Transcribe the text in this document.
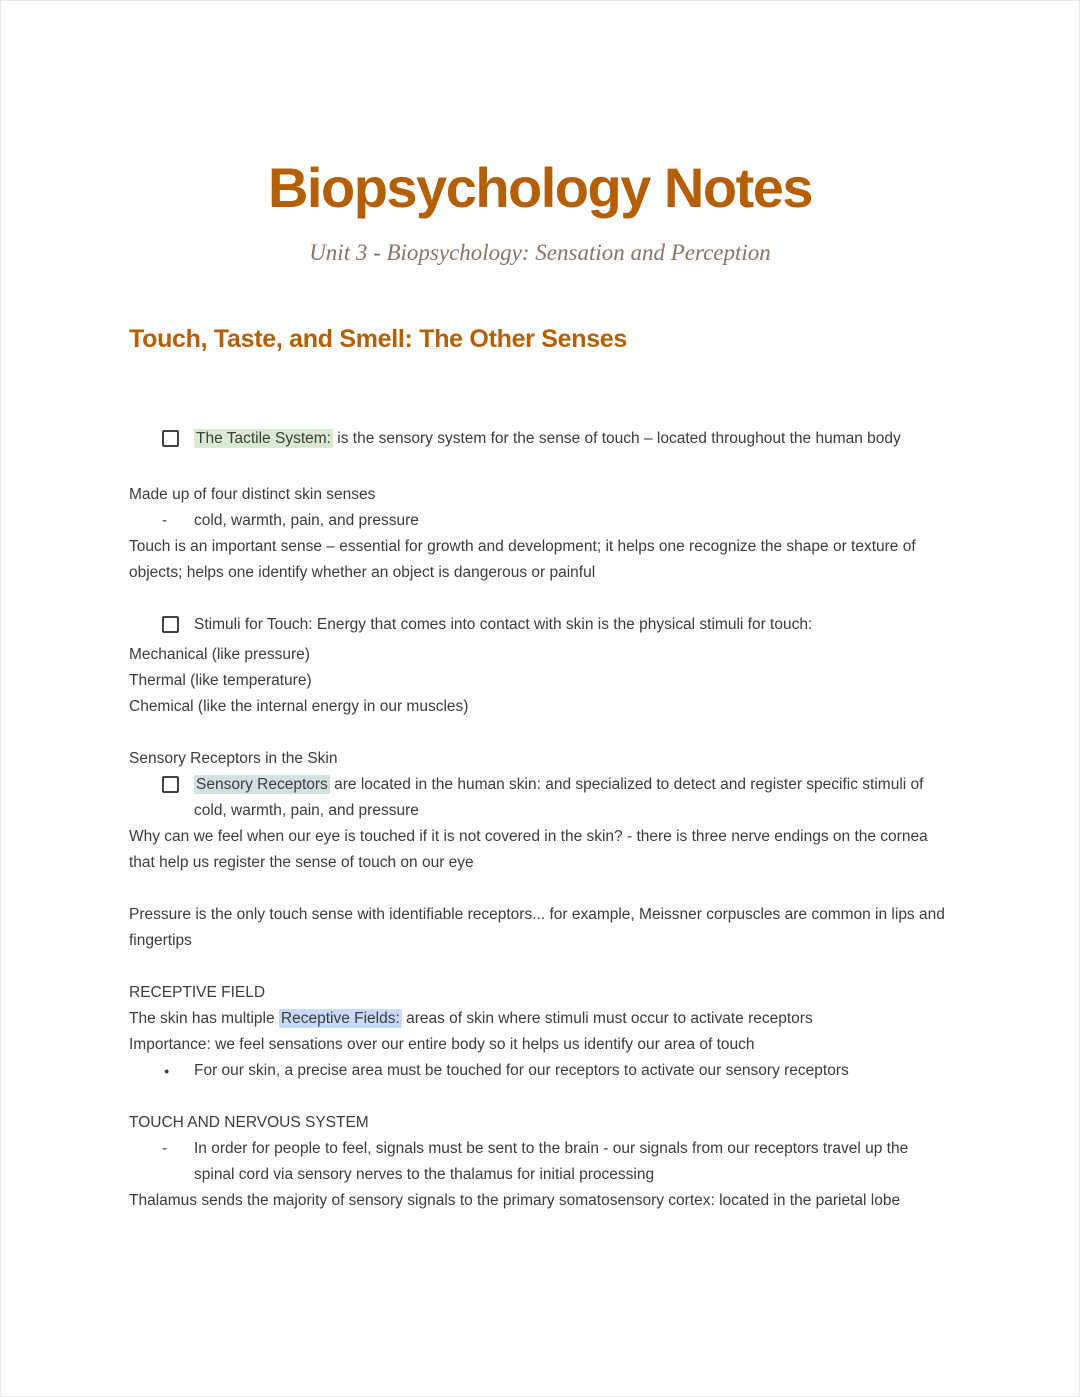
Biopsychology Notes
Unit 3 - Biopsychology: Sensation and Perception
Touch, Taste, and Smell: The Other Senses

The Tactile System: is the sensory system for the sense of touch – located throughout the human body

Made up of four distinct skin senses

-	cold, warmth, pain, and pressure

Touch is an important sense – essential for growth and development; it helps one recognize the shape or texture of objects; helps one identify whether an object is dangerous or painful

Stimuli for Touch: Energy that comes into contact with skin is the physical stimuli for touch:

Mechanical (like pressure)

Thermal (like temperature)

Chemical (like the internal energy in our muscles)

Sensory Receptors in the Skin

Sensory Receptors are located in the human skin: and specialized to detect and register specific stimuli of cold, warmth, pain, and pressure

Why can we feel when our eye is touched if it is not covered in the skin? - there is three nerve endings on the cornea that help us register the sense of touch on our eye

Pressure is the only touch sense with identifiable receptors... for example, Meissner corpuscles are common in lips and fingertips

RECEPTIVE FIELD

The skin has multiple Receptive Fields: areas of skin where stimuli must occur to activate receptors

Importance: we feel sensations over our entire body so it helps us identify our area of touch

●	For our skin, a precise area must be touched for our receptors to activate our sensory receptors

TOUCH AND NERVOUS SYSTEM

-	In order for people to feel, signals must be sent to the brain - our signals from our receptors travel up the spinal cord via sensory nerves to the thalamus for initial processing

Thalamus sends the majority of sensory signals to the primary somatosensory cortex: located in the parietal lobe
